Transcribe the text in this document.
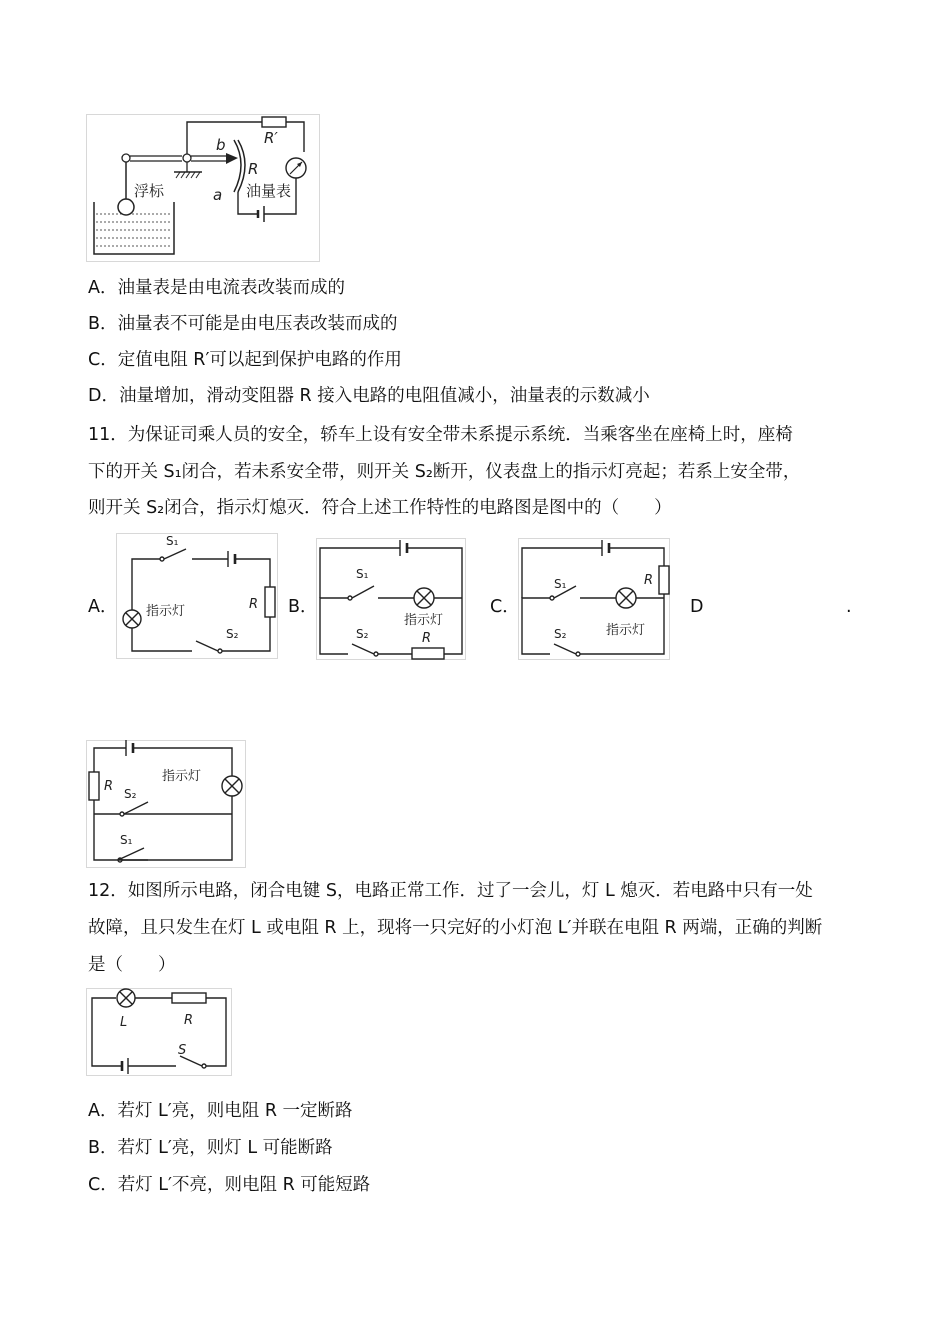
R′
b
a
R
浮标	油量表
A．油量表是由电流表改装而成的
B．油量表不可能是由电压表改装而成的
C．定值电阻 R′可以起到保护电路的作用
D．油量增加，滑动变阻器 R 接入电路的电阻值减小，油量表的示数减小
11．为保证司乘人员的安全，轿车上设有安全带未系提示系统．当乘客坐在座椅上时，座椅
下的开关 S₁闭合，若未系安全带，则开关 S₂断开，仪表盘上的指示灯亮起；若系上安全带，
则开关 S₂闭合，指示灯熄灭．符合上述工作特性的电路图是图中的（　　）
A．	B．	C．	D	.
S₁
指示灯	R
S₂
S₁
指示灯
S₂	R
R
S₁
指示灯
S₂
R
指示灯
S₂
S₁
12．如图所示电路，闭合电键 S，电路正常工作．过了一会儿，灯 L 熄灭．若电路中只有一处
故障，且只发生在灯 L 或电阻 R 上，现将一只完好的小灯泡 L′并联在电阻 R 两端，正确的判断
是（　　）
L	R
S
A．若灯 L′亮，则电阻 R 一定断路
B．若灯 L′亮，则灯 L 可能断路
C．若灯 L′不亮，则电阻 R 可能短路
